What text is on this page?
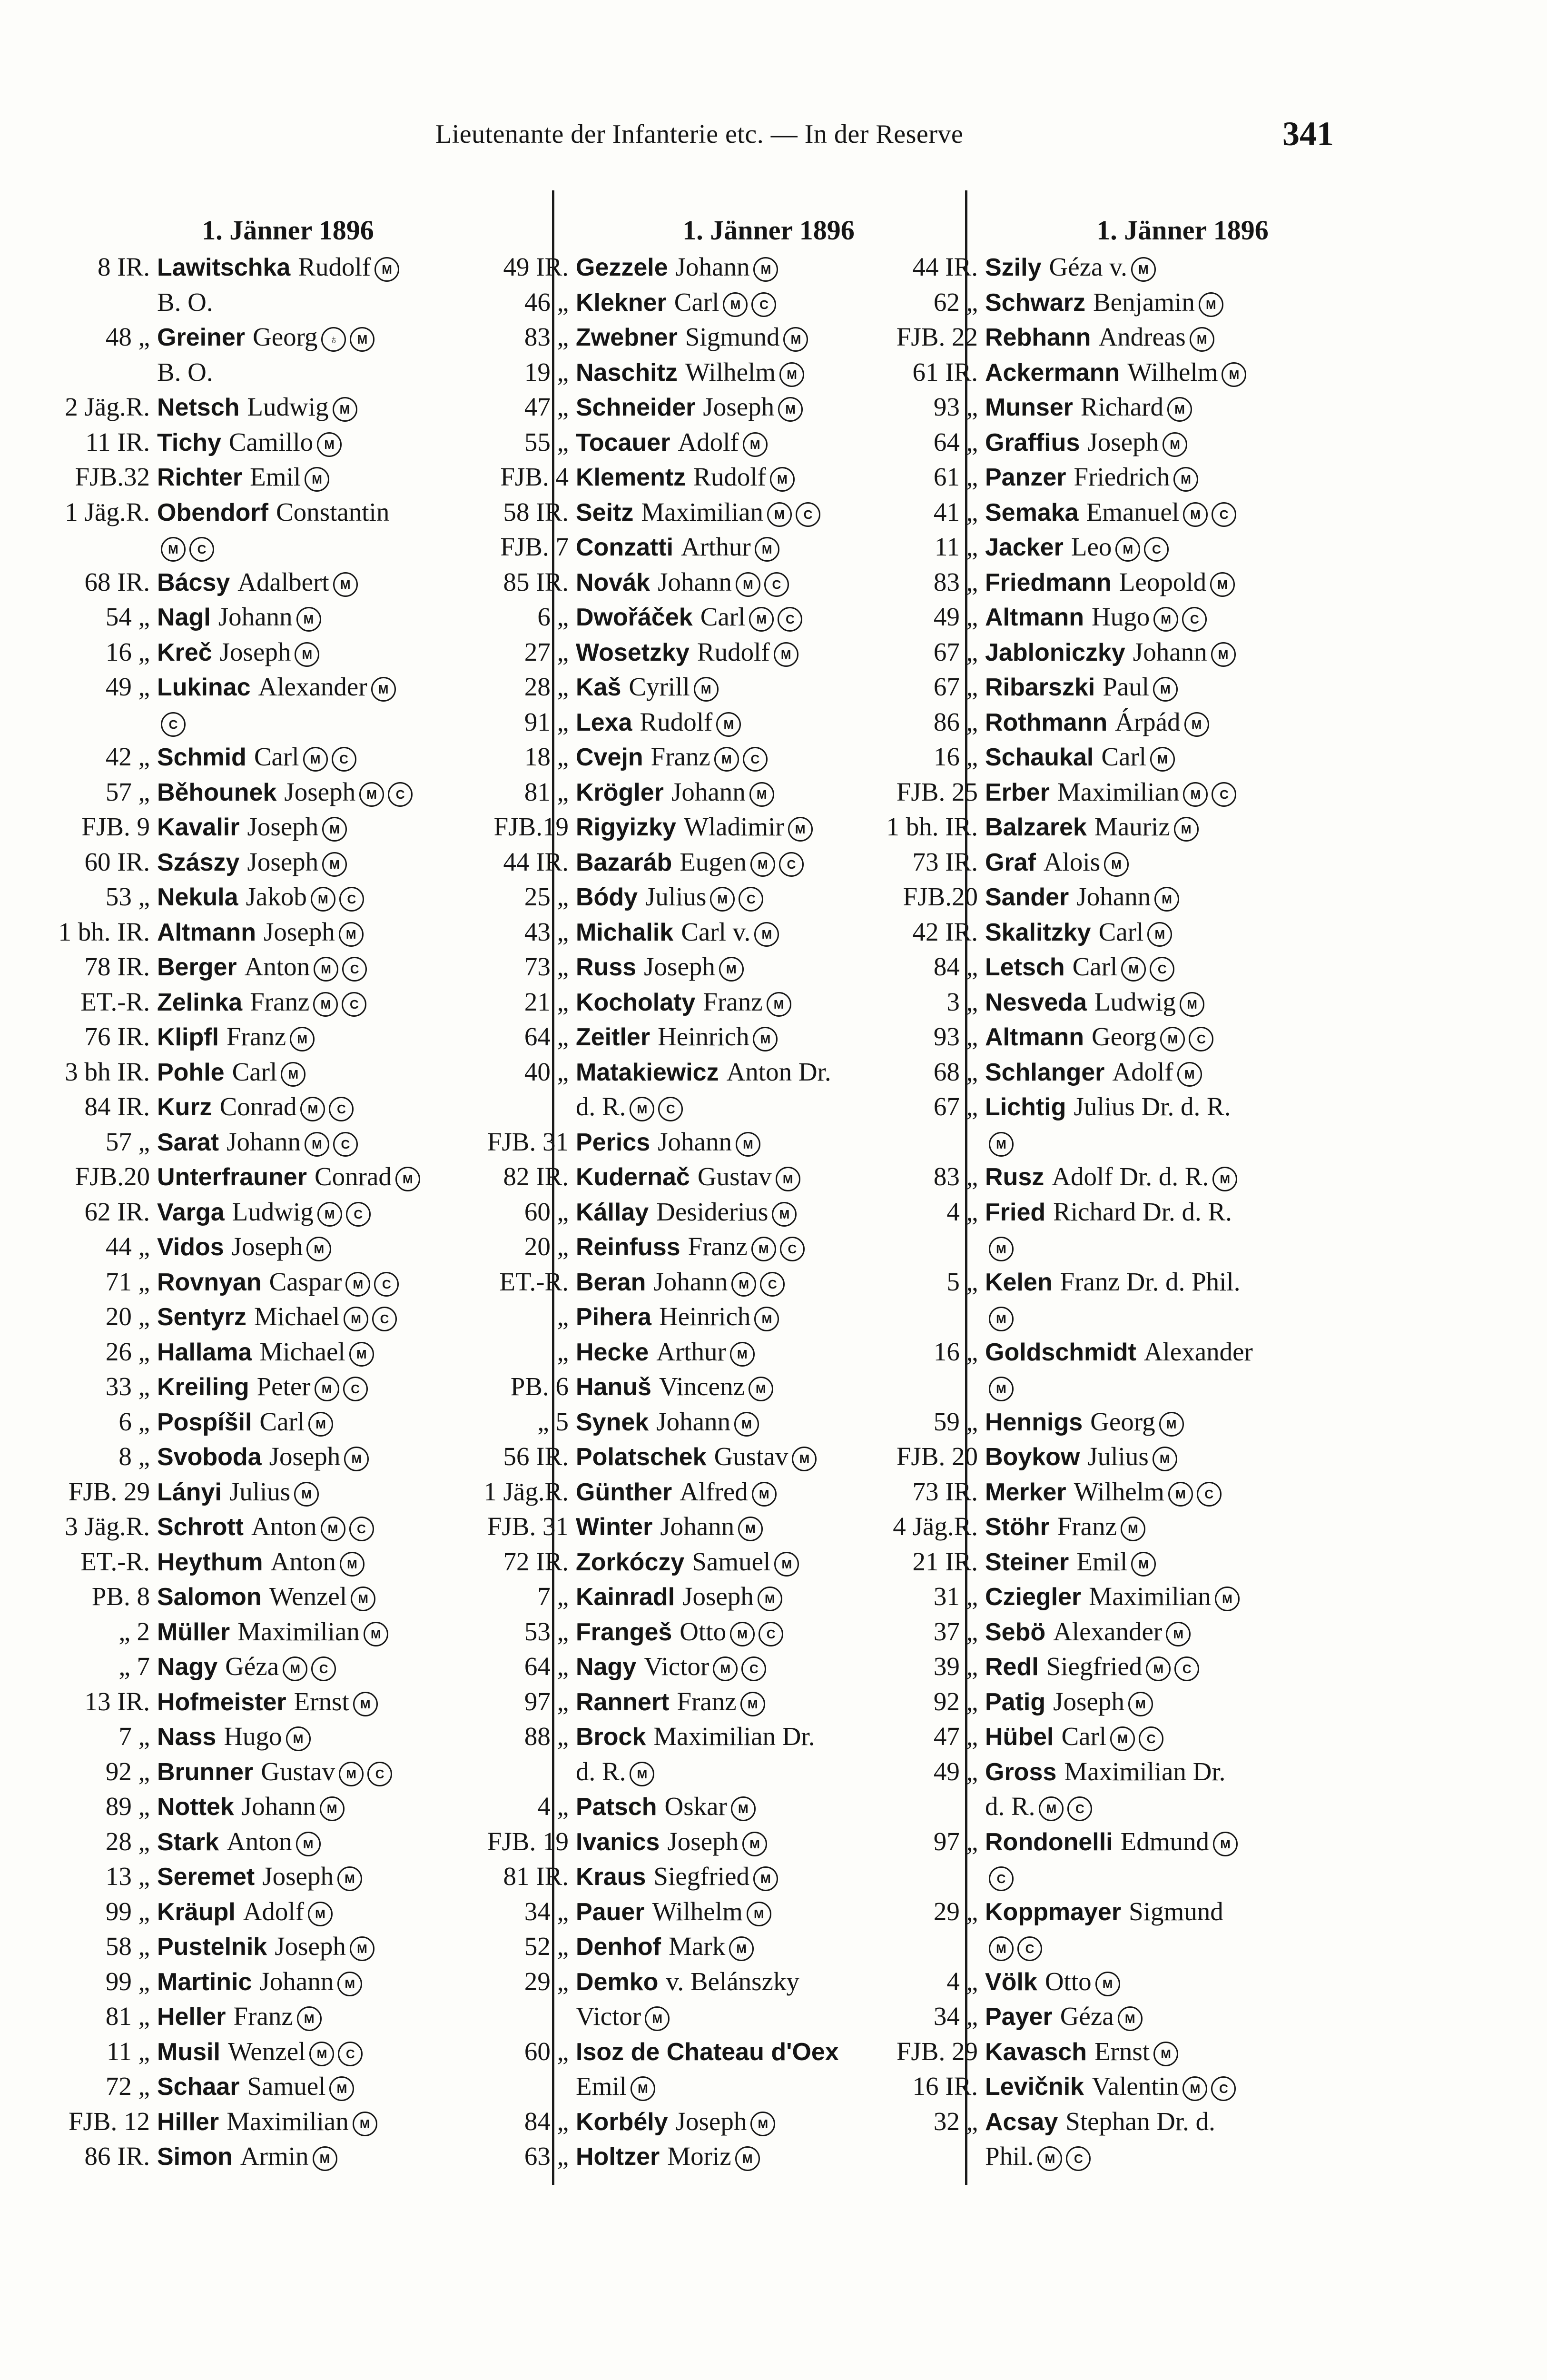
Lieutenante der Infanterie etc. — In der Reserve	341
1. Jänner 1896
8 IR. Lawitschka Rudolf M
B. O.
48 „ Greiner Georg ♁ M
B. O.
2 Jäg.R. Netsch Ludwig M
11 IR. Tichy Camillo M
FJB.32 Richter Emil M
1 Jäg.R. Obendorf Constantin
M C
68 IR. Bácsy Adalbert M
54 „ Nagl Johann M
16 „ Kreč Joseph M
49 „ Lukinac Alexander M
C
42 „ Schmid Carl M C
57 „ Běhounek Joseph M C
FJB. 9 Kavalir Joseph M
60 IR. Szászy Joseph M
53 „ Nekula Jakob M C
1 bh. IR. Altmann Joseph M
78 IR. Berger Anton M C
ET.-R. Zelinka Franz M C
76 IR. Klipfl Franz M
3 bh IR. Pohle Carl M
84 IR. Kurz Conrad M C
57 „ Sarat Johann M C
FJB.20 Unterfrauner Conrad M
62 IR. Varga Ludwig M C
44 „ Vidos Joseph M
71 „ Rovnyan Caspar M C
20 „ Sentyrz Michael M C
26 „ Hallama Michael M
33 „ Kreiling Peter M C
6 „ Pospíšil Carl M
8 „ Svoboda Joseph M
FJB. 29 Lányi Julius M
3 Jäg.R. Schrott Anton M C
ET.-R. Heythum Anton M
PB. 8 Salomon Wenzel M
„ 2 Müller Maximilian M
„ 7 Nagy Géza M C
13 IR. Hofmeister Ernst M
7 „ Nass Hugo M
92 „ Brunner Gustav M C
89 „ Nottek Johann M
28 „ Stark Anton M
13 „ Seremet Joseph M
99 „ Kräupl Adolf M
58 „ Pustelnik Joseph M
99 „ Martinic Johann M
81 „ Heller Franz M
11 „ Musil Wenzel M C
72 „ Schaar Samuel M
FJB. 12 Hiller Maximilian M
86 IR. Simon Armin M
1. Jänner 1896
49 IR. Gezzele Johann M
46 „ Klekner Carl M C
83 „ Zwebner Sigmund M
19 „ Naschitz Wilhelm M
47 „ Schneider Joseph M
55 „ Tocauer Adolf M
FJB. 4 Klementz Rudolf M
58 IR. Seitz Maximilian M C
FJB. 7 Conzatti Arthur M
85 IR. Novák Johann M C
6 „ Dwořáček Carl M C
27 „ Wosetzky Rudolf M
28 „ Kaš Cyrill M
91 „ Lexa Rudolf M
18 „ Cvejn Franz M C
81 „ Krögler Johann M
FJB.19 Rigyizky Wladimir M
44 IR. Bazaráb Eugen M C
25 „ Bódy Julius M C
43 „ Michalik Carl v. M
73 „ Russ Joseph M
21 „ Kocholaty Franz M
64 „ Zeitler Heinrich M
40 „ Matakiewicz Anton Dr.
d. R. M C
FJB. 31 Perics Johann M
82 IR. Kudernač Gustav M
60 „ Kállay Desiderius M
20 „ Reinfuss Franz M C
ET.-R. Beran Johann M C
„ Pihera Heinrich M
„ Hecke Arthur M
PB. 6 Hanuš Vincenz M
„ 5 Synek Johann M
56 IR. Polatschek Gustav M
1 Jäg.R. Günther Alfred M
FJB. 31 Winter Johann M
72 IR. Zorkóczy Samuel M
7 „ Kainradl Joseph M
53 „ Frangeš Otto M C
64 „ Nagy Victor M C
97 „ Rannert Franz M
88 „ Brock Maximilian Dr.
d. R. M
4 „ Patsch Oskar M
FJB. 19 Ivanics Joseph M
81 IR. Kraus Siegfried M
34 „ Pauer Wilhelm M
52 „ Denhof Mark M
29 „ Demko v. Belánszky
Victor M
60 „ Isoz de Chateau d'Oex
Emil M
84 „ Korbély Joseph M
63 „ Holtzer Moriz M
1. Jänner 1896
44 IR. Szily Géza v. M
62 „ Schwarz Benjamin M
FJB. 22 Rebhann Andreas M
61 IR. Ackermann Wilhelm M
93 „ Munser Richard M
64 „ Graffius Joseph M
61 „ Panzer Friedrich M
41 „ Semaka Emanuel M C
11 „ Jacker Leo M C
83 „ Friedmann Leopold M
49 „ Altmann Hugo M C
67 „ Jabloniczky Johann M
67 „ Ribarszki Paul M
86 „ Rothmann Árpád M
16 „ Schaukal Carl M
FJB. 25 Erber Maximilian M C
1 bh. IR. Balzarek Mauriz M
73 IR. Graf Alois M
FJB.20 Sander Johann M
42 IR. Skalitzky Carl M
84 „ Letsch Carl M C
3 „ Nesveda Ludwig M
93 „ Altmann Georg M C
68 „ Schlanger Adolf M
67 „ Lichtig Julius Dr. d. R.
M
83 „ Rusz Adolf Dr. d. R. M
4 „ Fried Richard Dr. d. R.
M
5 „ Kelen Franz Dr. d. Phil.
M
16 „ Goldschmidt Alexander
M
59 „ Hennigs Georg M
FJB. 20 Boykow Julius M
73 IR. Merker Wilhelm M C
4 Jäg.R. Stöhr Franz M
21 IR. Steiner Emil M
31 „ Cziegler Maximilian M
37 „ Sebö Alexander M
39 „ Redl Siegfried M C
92 „ Patig Joseph M
47 „ Hübel Carl M C
49 „ Gross Maximilian Dr.
d. R. M C
97 „ Rondonelli Edmund M
C
29 „ Koppmayer Sigmund
M C
4 „ Völk Otto M
34 „ Payer Géza M
FJB. 29 Kavasch Ernst M
16 IR. Levičnik Valentin M C
32 „ Acsay Stephan Dr. d.
Phil. M C
